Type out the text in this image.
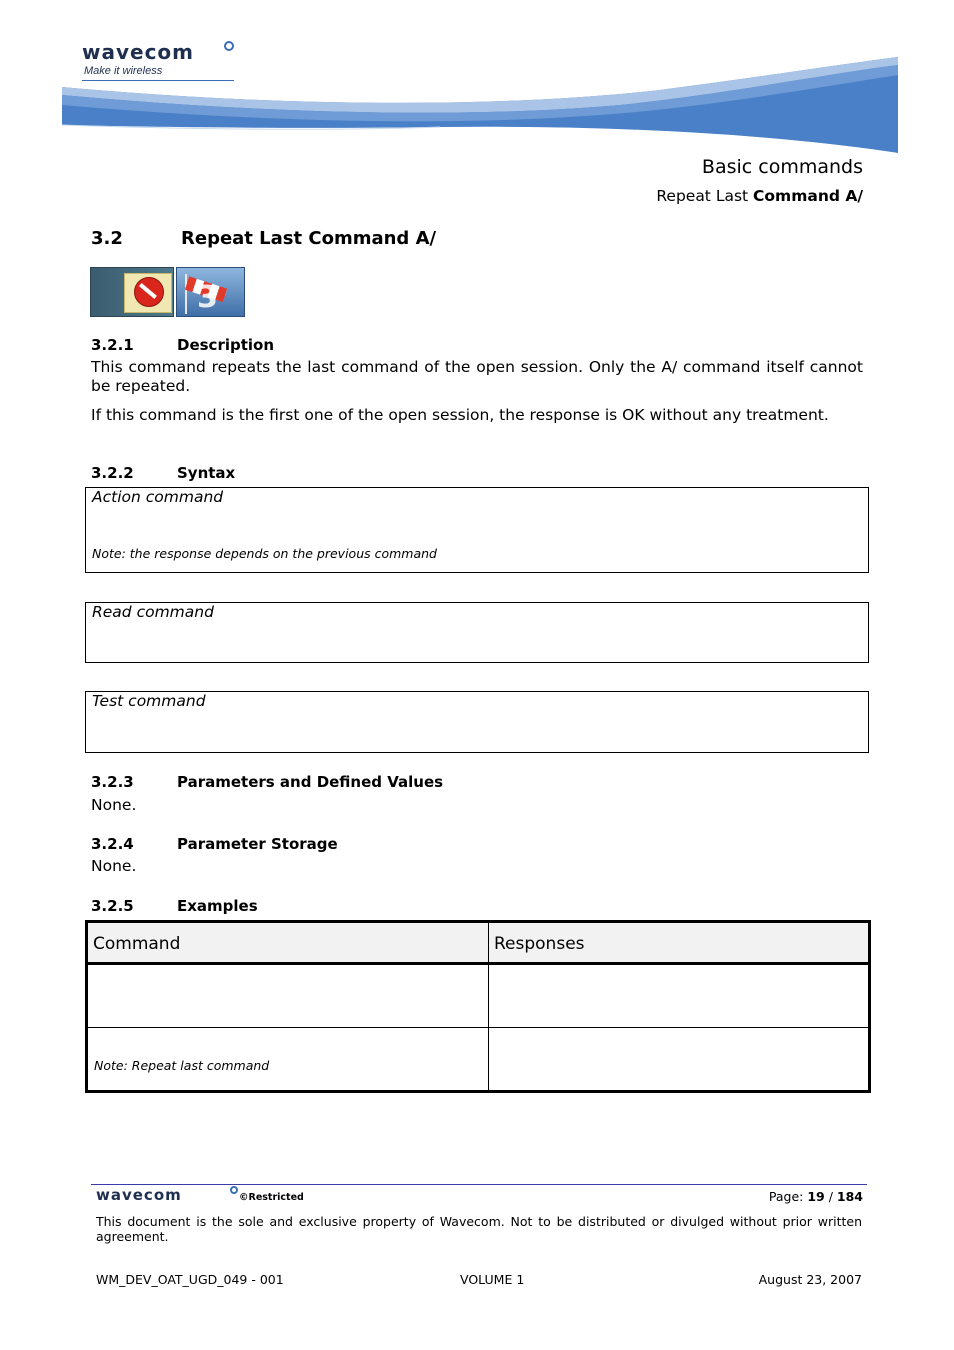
wavecom
Make it wireless
Basic commands
Repeat Last Command A/
3.2	Repeat Last Command A/
3
3.2.1	Description
This command repeats the last command of the open session. Only the A/ command itself cannot be repeated.
If this command is the first one of the open session, the response is OK without any treatment.
3.2.2	Syntax
Action command
Note: the response depends on the previous command
Read command
Test command
3.2.3	Parameters and Defined Values
None.
3.2.4	Parameter Storage
None.
3.2.5	Examples
Command	Responses

Note: Repeat last command	

wavecom	©Restricted	Page: 19 / 184
This document is the sole and exclusive property of Wavecom. Not to be distributed or divulged without prior written agreement.
WM_DEV_OAT_UGD_049 - 001	VOLUME 1	August 23, 2007
